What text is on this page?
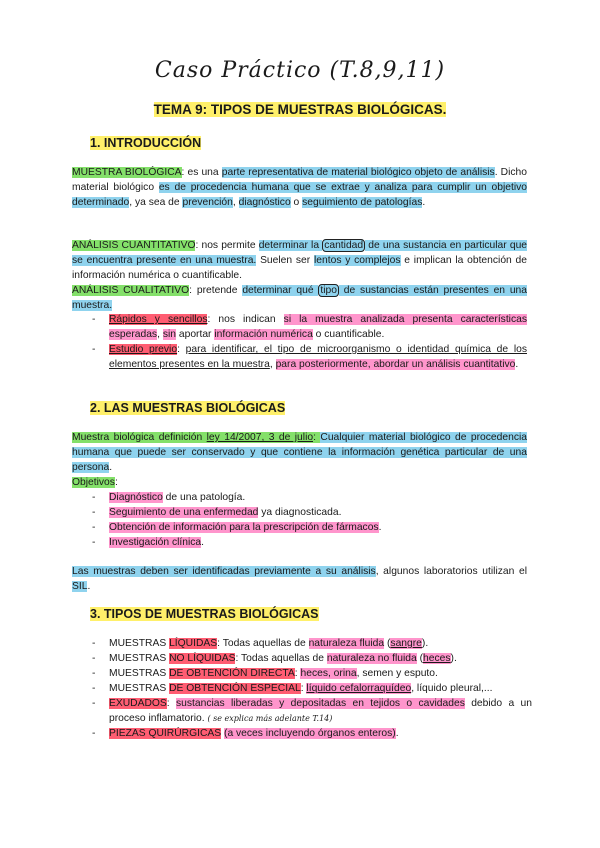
Caso Práctico (T.8,9,11)
TEMA 9: TIPOS DE MUESTRAS BIOLÓGICAS.
1. INTRODUCCIÓN

MUESTRA BIOLÓGICA: es una parte representativa de material biológico objeto de análisis. Dicho material biológico es de procedencia humana que se extrae y analiza para cumplir un objetivo determinado, ya sea de prevención, diagnóstico o seguimiento de patologías.

ANÁLISIS CUANTITATIVO: nos permite determinar la cantidad de una sustancia en particular que se encuentra presente en una muestra. Suelen ser lentos y complejos e implican la obtención de información numérica o cuantificable.

ANÁLISIS CUALITATIVO: pretende determinar qué tipo de sustancias están presentes en una muestra.

- Rápidos y sencillos: nos indican si la muestra analizada presenta características esperadas, sin aportar información numérica o cuantificable.
- Estudio previo: para identificar, el tipo de microorganismo o identidad química de los elementos presentes en la muestra, para posteriormente, abordar un análisis cuantitativo.
2. LAS MUESTRAS BIOLÓGICAS

Muestra biológica definición ley 14/2007, 3 de julio: Cualquier material biológico de procedencia humana que puede ser conservado y que contiene la información genética particular de una persona.

Objetivos:

- Diagnóstico de una patología.
- Seguimiento de una enfermedad ya diagnosticada.
- Obtención de información para la prescripción de fármacos.
- Investigación clínica.

Las muestras deben ser identificadas previamente a su análisis, algunos laboratorios utilizan el SIL.

3. TIPOS DE MUESTRAS BIOLÓGICAS
- MUESTRAS LÍQUIDAS: Todas aquellas de naturaleza fluida (sangre).
- MUESTRAS NO LÍQUIDAS: Todas aquellas de naturaleza no fluida (heces).
- MUESTRAS DE OBTENCIÓN DIRECTA: heces, orina, semen y esputo.
- MUESTRAS DE OBTENCIÓN ESPECIAL: líquido cefalorraquídeo, líquido pleural,...
- EXUDADOS: sustancias liberadas y depositadas en tejidos o cavidades debido a un proceso inflamatorio. ( se explica más adelante T.14)
- PIEZAS QUIRÚRGICAS (a veces incluyendo órganos enteros).
